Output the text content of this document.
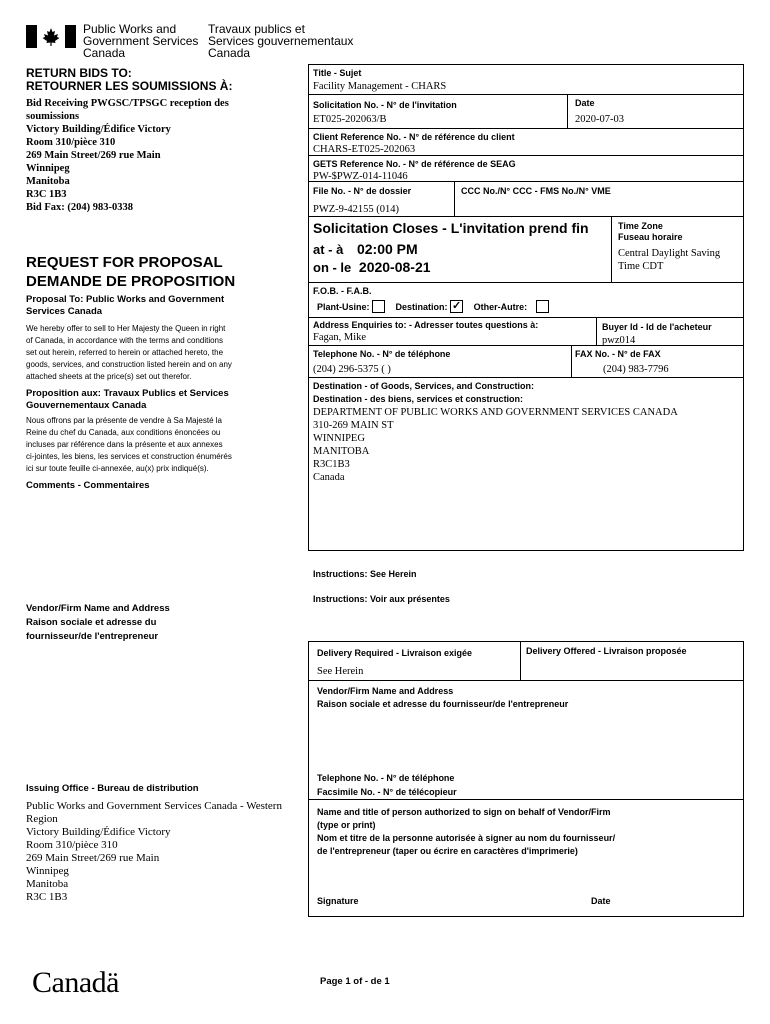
Public Works and
Government Services
Canada
Travaux publics et
Services gouvernementaux
Canada
RETURN BIDS TO:
RETOURNER LES SOUMISSIONS À:
Bid Receiving PWGSC/TPSGC reception des
soumissions
Victory Building/Édifice Victory
Room 310/pièce 310
269 Main Street/269 rue Main
Winnipeg
Manitoba
R3C 1B3
Bid Fax: (204) 983-0338
REQUEST FOR PROPOSAL
DEMANDE DE PROPOSITION
Proposal To: Public Works and Government
Services Canada
We hereby offer to sell to Her Majesty the Queen in right
of Canada, in accordance with the terms and conditions
set out herein, referred to herein or attached hereto, the
goods, services, and construction listed herein and on any
attached sheets at the price(s) set out therefor.
Proposition aux: Travaux Publics et Services
Gouvernementaux Canada
Nous offrons par la présente de vendre à Sa Majesté la
Reine du chef du Canada, aux conditions énoncées ou
incluses par référence dans la présente et aux annexes
ci-jointes, les biens, les services et construction énumérés
ici sur toute feuille ci-annexée, au(x) prix indiqué(s).
Comments - Commentaires
Vendor/Firm Name and Address
Raison sociale et adresse du
fournisseur/de l'entrepreneur
Issuing Office - Bureau de distribution
Public Works and Government Services Canada - Western
Region
Victory Building/Édifice Victory
Room 310/pièce 310
269 Main Street/269 rue Main
Winnipeg
Manitoba
R3C 1B3
Title - Sujet
Facility Management - CHARS
Solicitation No. - N° de l'invitation
ET025-202063/B
Date
2020-07-03
Client Reference No. - N° de référence du client
CHARS-ET025-202063
GETS Reference No. - N° de référence de SEAG
PW-$PWZ-014-11046
File No. - N° de dossier
PWZ-9-42155 (014)
CCC No./N° CCC - FMS No./N° VME
Solicitation Closes - L'invitation prend fin
at - à 02:00 PM
on - le 2020-08-21
Time Zone
Fuseau horaire
Central Daylight Saving
Time CDT
F.O.B. - F.A.B.
Plant-Usine:	Destination: ✓ Other-Autre:
Address Enquiries to: - Adresser toutes questions à:
Fagan, Mike
Buyer Id - Id de l'acheteur
pwz014
Telephone No. - N° de téléphone
(204) 296-5375 ( )
FAX No. - N° de FAX
(204) 983-7796
Destination - of Goods, Services, and Construction:
Destination - des biens, services et construction:
DEPARTMENT OF PUBLIC WORKS AND GOVERNMENT SERVICES CANADA
310-269 MAIN ST
WINNIPEG
MANITOBA
R3C1B3
Canada
Instructions: See Herein
Instructions: Voir aux présentes
Delivery Required - Livraison exigée
See Herein
Delivery Offered - Livraison proposée
Vendor/Firm Name and Address
Raison sociale et adresse du fournisseur/de l'entrepreneur
Telephone No. - N° de téléphone
Facsimile No. - N° de télécopieur
Name and title of person authorized to sign on behalf of Vendor/Firm
(type or print)
Nom et titre de la personne autorisée à signer au nom du fournisseur/
de l'entrepreneur (taper ou écrire en caractères d'imprimerie)
Signature	Date
Canadä	Page 1 of - de 1
